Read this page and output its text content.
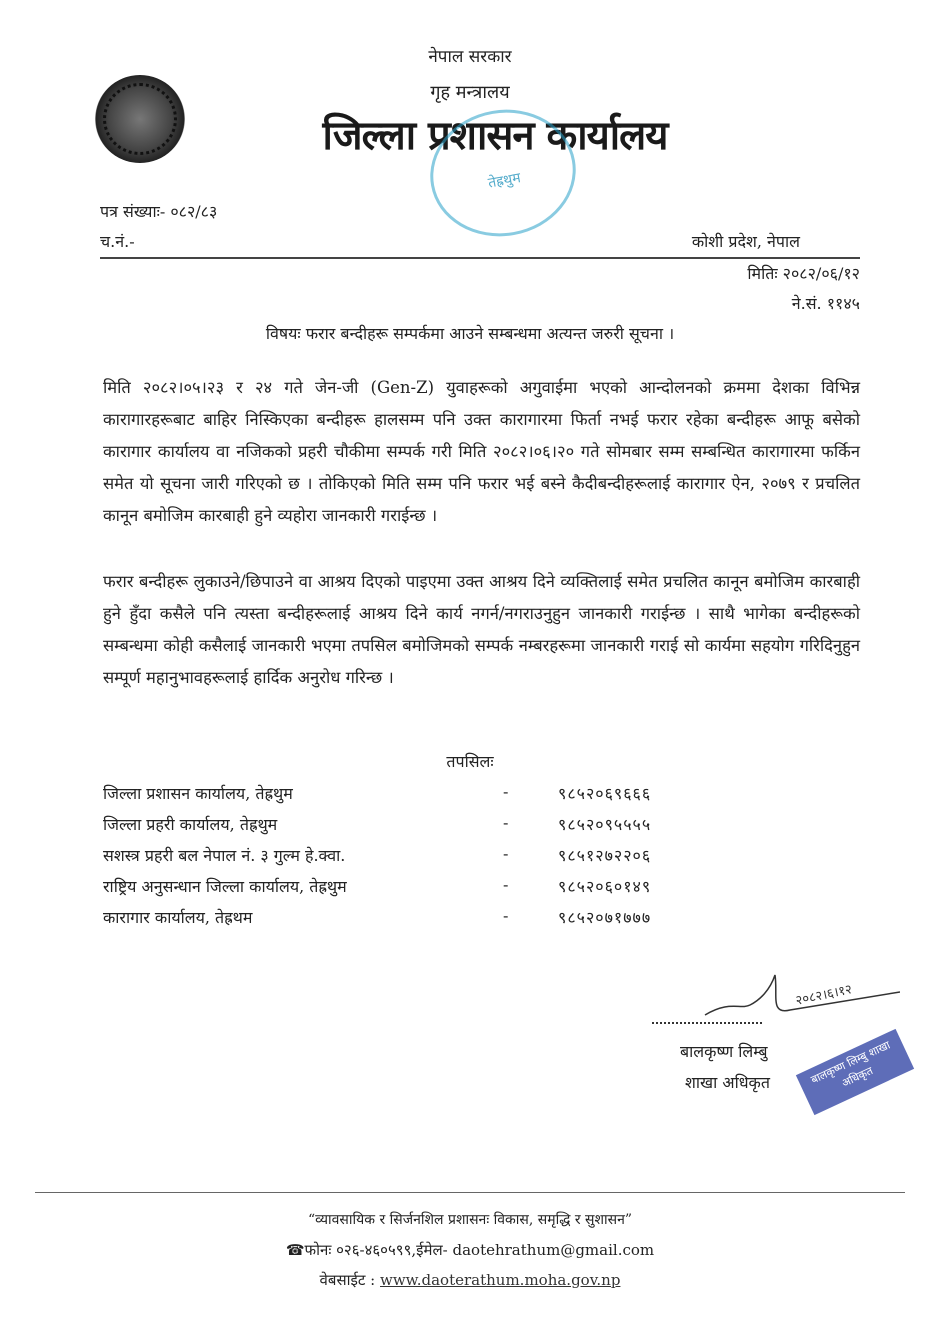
नेपाल सरकार
गृह मन्त्रालय
जिल्ला प्रशासन कार्यालय
तेह्रथुम
पत्र संख्याः- ०८२/८३
च.नं.-	कोशी प्रदेश, नेपाल
मितिः २०८२/०६/१२
ने.सं. ११४५
विषयः फरार बन्दीहरू सम्पर्कमा आउने सम्बन्धमा अत्यन्त जरुरी सूचना ।
मिति २०८२।०५।२३ र २४ गते जेन-जी (Gen-Z) युवाहरूको अगुवाईमा भएको आन्दोलनको क्रममा देशका विभिन्न कारागारहरूबाट बाहिर निस्किएका बन्दीहरू हालसम्म पनि उक्त कारागारमा फिर्ता नभई फरार रहेका बन्दीहरू आफू बसेको कारागार कार्यालय वा नजिकको प्रहरी चौकीमा सम्पर्क गरी मिति २०८२।०६।२० गते सोमबार सम्म सम्बन्धित कारागारमा फर्किन समेत यो सूचना जारी गरिएको छ । तोकिएको मिति सम्म पनि फरार भई बस्ने कैदीबन्दीहरूलाई कारागार ऐन, २०७९ र प्रचलित कानून बमोजिम कारबाही हुने व्यहोरा जानकारी गराईन्छ ।
फरार बन्दीहरू लुकाउने/छिपाउने वा आश्रय दिएको पाइएमा उक्त आश्रय दिने व्यक्तिलाई समेत प्रचलित कानून बमोजिम कारबाही हुने हुँदा कसैले पनि त्यस्ता बन्दीहरूलाई आश्रय दिने कार्य नगर्न/नगराउनुहुन जानकारी गराईन्छ । साथै भागेका बन्दीहरूको सम्बन्धमा कोही कसैलाई जानकारी भएमा तपसिल बमोजिमको सम्पर्क नम्बरहरूमा जानकारी गराई सो कार्यमा सहयोग गरिदिनुहुन सम्पूर्ण महानुभावहरूलाई हार्दिक अनुरोध गरिन्छ ।
तपसिलः
जिल्ला प्रशासन कार्यालय, तेह्रथुम	-	९८५२०६९६६६
जिल्ला प्रहरी कार्यालय, तेह्रथुम	-	९८५२०९५५५५
सशस्त्र प्रहरी बल नेपाल नं. ३ गुल्म हे.क्वा.	-	९८५१२७२२०६
राष्ट्रिय अनुसन्धान जिल्ला कार्यालय, तेह्रथुम	-	९८५२०६०१४९
कारागार कार्यालय, तेह्रथम	-	९८५२०७१७७७
२०८२।६।१२
बालकृष्ण लिम्बु
शाखा अधिकृत	बालकृष्ण लिम्बु शाखा अधिकृत
“व्यावसायिक र सिर्जनशिल प्रशासनः विकास, समृद्धि र सुशासन”
☎फोनः ०२६-४६०५९९,ईमेल- daotehrathum@gmail.com
वेबसाईट : www.daoterathum.moha.gov.np
